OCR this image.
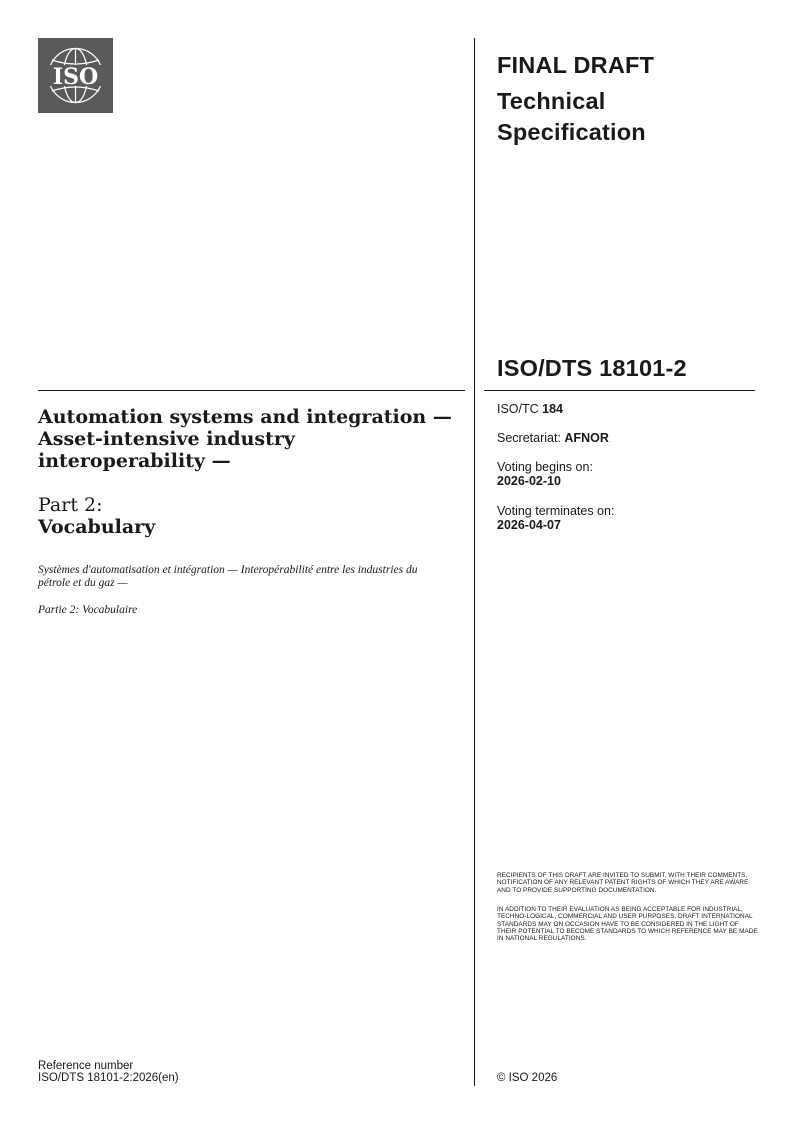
ISO	FINAL DRAFT
Technical Specification
ISO/DTS 18101-2
ISO/TC 184
Secretariat: AFNOR
Voting begins on:
2026-02-10
Voting terminates on:
2026-04-07
Automation systems and integration — Asset-intensive industry interoperability —
Part 2:
Vocabulary
Systèmes d'automatisation et intégration — Interopérabilité entre les industries du pétrole et du gaz —
Partie 2: Vocabulaire
RECIPIENTS OF THIS DRAFT ARE INVITED TO SUBMIT, WITH THEIR COMMENTS, NOTIFICATION OF ANY RELEVANT PATENT RIGHTS OF WHICH THEY ARE AWARE AND TO PROVIDE SUPPORTING DOCUMENTATION.
IN ADDITION TO THEIR EVALUATION AS BEING ACCEPTABLE FOR INDUSTRIAL, TECHNO-LOGICAL, COMMERCIAL AND USER PURPOSES, DRAFT INTERNATIONAL STANDARDS MAY ON OCCASION HAVE TO BE CONSIDERED IN THE LIGHT OF THEIR POTENTIAL TO BECOME STANDARDS TO WHICH REFERENCE MAY BE MADE IN NATIONAL REGULATIONS.
Reference number
ISO/DTS 18101-2:2026(en)	© ISO 2026
